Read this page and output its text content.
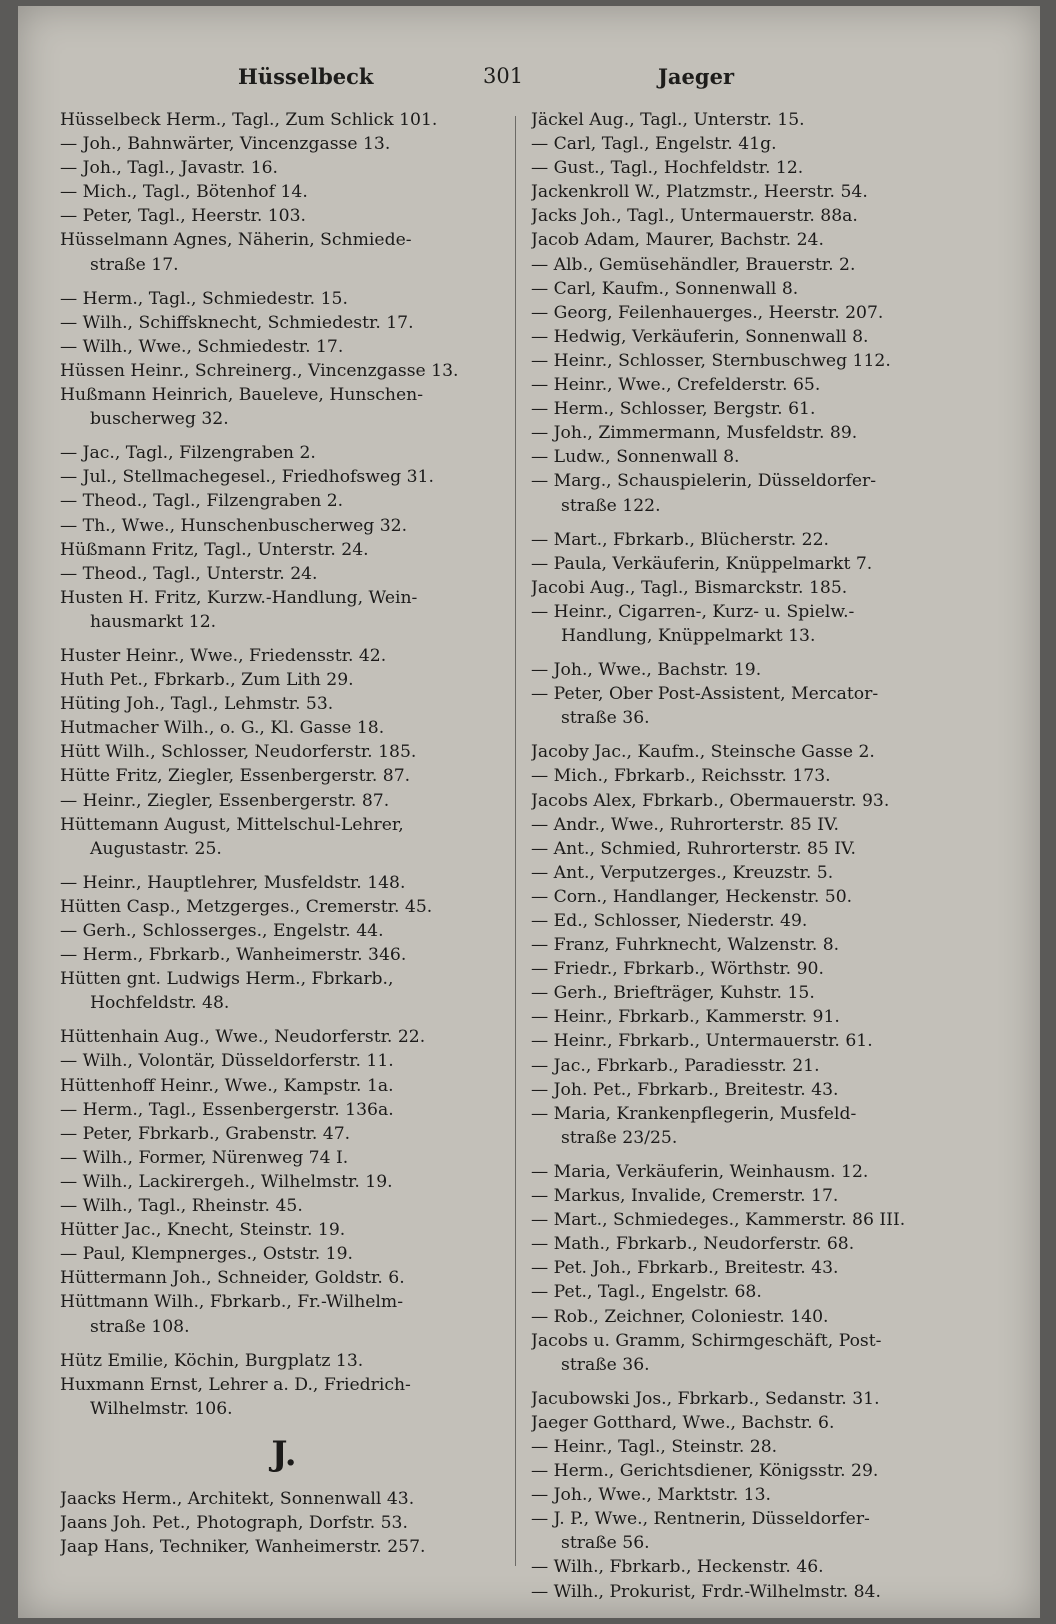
Hüsselbeck	301	Jaeger
Hüsselbeck Herm., Tagl., Zum Schlick 101.
— Joh., Bahnwärter, Vincenzgasse 13.
— Joh., Tagl., Javastr. 16.
— Mich., Tagl., Bötenhof 14.
— Peter, Tagl., Heerstr. 103.
Hüsselmann Agnes, Näherin, Schmiede-
straße 17.
— Herm., Tagl., Schmiedestr. 15.
— Wilh., Schiffsknecht, Schmiedestr. 17.
— Wilh., Wwe., Schmiedestr. 17.
Hüssen Heinr., Schreinerg., Vincenzgasse 13.
Hußmann Heinrich, Baueleve, Hunschen-
buscherweg 32.
— Jac., Tagl., Filzengraben 2.
— Jul., Stellmachegesel., Friedhofsweg 31.
— Theod., Tagl., Filzengraben 2.
— Th., Wwe., Hunschenbuscherweg 32.
Hüßmann Fritz, Tagl., Unterstr. 24.
— Theod., Tagl., Unterstr. 24.
Husten H. Fritz, Kurzw.-Handlung, Wein-
hausmarkt 12.
Huster Heinr., Wwe., Friedensstr. 42.
Huth Pet., Fbrkarb., Zum Lith 29.
Hüting Joh., Tagl., Lehmstr. 53.
Hutmacher Wilh., o. G., Kl. Gasse 18.
Hütt Wilh., Schlosser, Neudorferstr. 185.
Hütte Fritz, Ziegler, Essenbergerstr. 87.
— Heinr., Ziegler, Essenbergerstr. 87.
Hüttemann August, Mittelschul-Lehrer,
Augustastr. 25.
— Heinr., Hauptlehrer, Musfeldstr. 148.
Hütten Casp., Metzgerges., Cremerstr. 45.
— Gerh., Schlosserges., Engelstr. 44.
— Herm., Fbrkarb., Wanheimerstr. 346.
Hütten gnt. Ludwigs Herm., Fbrkarb.,
Hochfeldstr. 48.
Hüttenhain Aug., Wwe., Neudorferstr. 22.
— Wilh., Volontär, Düsseldorferstr. 11.
Hüttenhoff Heinr., Wwe., Kampstr. 1a.
— Herm., Tagl., Essenbergerstr. 136a.
— Peter, Fbrkarb., Grabenstr. 47.
— Wilh., Former, Nürenweg 74 I.
— Wilh., Lackirergeh., Wilhelmstr. 19.
— Wilh., Tagl., Rheinstr. 45.
Hütter Jac., Knecht, Steinstr. 19.
— Paul, Klempnerges., Oststr. 19.
Hüttermann Joh., Schneider, Goldstr. 6.
Hüttmann Wilh., Fbrkarb., Fr.-Wilhelm-
straße 108.
Hütz Emilie, Köchin, Burgplatz 13.
Huxmann Ernst, Lehrer a. D., Friedrich-
Wilhelmstr. 106.
J.
Jaacks Herm., Architekt, Sonnenwall 43.
Jaans Joh. Pet., Photograph, Dorfstr. 53.
Jaap Hans, Techniker, Wanheimerstr. 257.
Jäckel Aug., Tagl., Unterstr. 15.
— Carl, Tagl., Engelstr. 41g.
— Gust., Tagl., Hochfeldstr. 12.
Jackenkroll W., Platzmstr., Heerstr. 54.
Jacks Joh., Tagl., Untermauerstr. 88a.
Jacob Adam, Maurer, Bachstr. 24.
— Alb., Gemüsehändler, Brauerstr. 2.
— Carl, Kaufm., Sonnenwall 8.
— Georg, Feilenhauerges., Heerstr. 207.
— Hedwig, Verkäuferin, Sonnenwall 8.
— Heinr., Schlosser, Sternbuschweg 112.
— Heinr., Wwe., Crefelderstr. 65.
— Herm., Schlosser, Bergstr. 61.
— Joh., Zimmermann, Musfeldstr. 89.
— Ludw., Sonnenwall 8.
— Marg., Schauspielerin, Düsseldorfer-
straße 122.
— Mart., Fbrkarb., Blücherstr. 22.
— Paula, Verkäuferin, Knüppelmarkt 7.
Jacobi Aug., Tagl., Bismarckstr. 185.
— Heinr., Cigarren-, Kurz- u. Spielw.-
Handlung, Knüppelmarkt 13.
— Joh., Wwe., Bachstr. 19.
— Peter, Ober Post-Assistent, Mercator-
straße 36.
Jacoby Jac., Kaufm., Steinsche Gasse 2.
— Mich., Fbrkarb., Reichsstr. 173.
Jacobs Alex, Fbrkarb., Obermauerstr. 93.
— Andr., Wwe., Ruhrorterstr. 85 IV.
— Ant., Schmied, Ruhrorterstr. 85 IV.
— Ant., Verputzerges., Kreuzstr. 5.
— Corn., Handlanger, Heckenstr. 50.
— Ed., Schlosser, Niederstr. 49.
— Franz, Fuhrknecht, Walzenstr. 8.
— Friedr., Fbrkarb., Wörthstr. 90.
— Gerh., Briefträger, Kuhstr. 15.
— Heinr., Fbrkarb., Kammerstr. 91.
— Heinr., Fbrkarb., Untermauerstr. 61.
— Jac., Fbrkarb., Paradiesstr. 21.
— Joh. Pet., Fbrkarb., Breitestr. 43.
— Maria, Krankenpflegerin, Musfeld-
straße 23/25.
— Maria, Verkäuferin, Weinhausm. 12.
— Markus, Invalide, Cremerstr. 17.
— Mart., Schmiedeges., Kammerstr. 86 III.
— Math., Fbrkarb., Neudorferstr. 68.
— Pet. Joh., Fbrkarb., Breitestr. 43.
— Pet., Tagl., Engelstr. 68.
— Rob., Zeichner, Coloniestr. 140.
Jacobs u. Gramm, Schirmgeschäft, Post-
straße 36.
Jacubowski Jos., Fbrkarb., Sedanstr. 31.
Jaeger Gotthard, Wwe., Bachstr. 6.
— Heinr., Tagl., Steinstr. 28.
— Herm., Gerichtsdiener, Königsstr. 29.
— Joh., Wwe., Marktstr. 13.
— J. P., Wwe., Rentnerin, Düsseldorfer-
straße 56.
— Wilh., Fbrkarb., Heckenstr. 46.
— Wilh., Prokurist, Frdr.-Wilhelmstr. 84.
